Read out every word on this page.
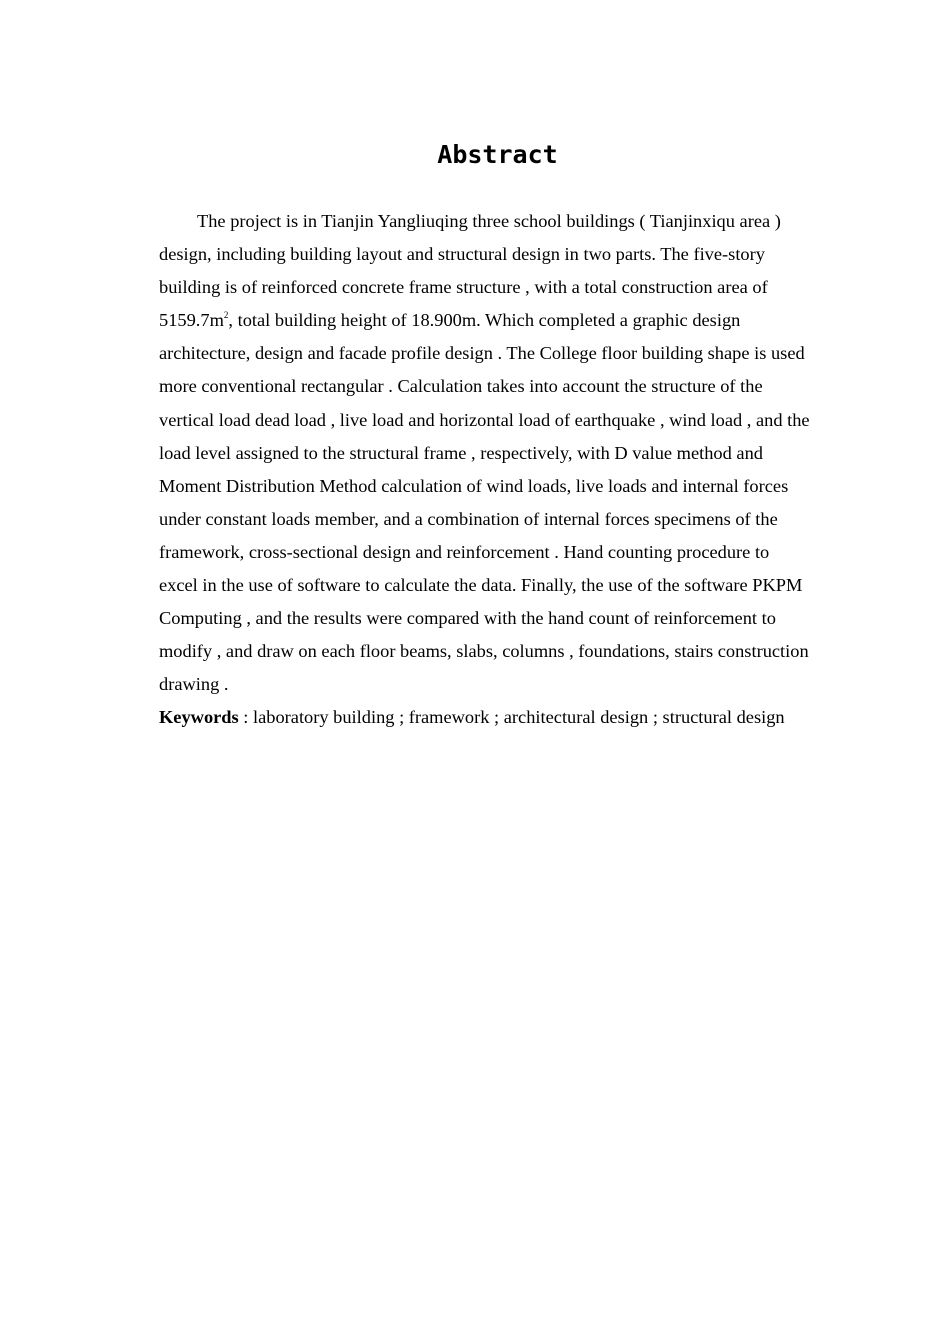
Abstract
The project is in Tianjin Yangliuqing three school buildings ( Tianjinxiqu area )
design, including building layout and structural design in two parts. The five-story
building is of reinforced concrete frame structure , with a total construction area of
$5159.7m^2$, total building height of 18.900m. Which completed a graphic design
architecture, design and facade profile design . The College floor building shape is used
more conventional rectangular . Calculation takes into account the structure of the
vertical load dead load , live load and horizontal load of earthquake , wind load , and the
load level assigned to the structural frame , respectively, with D value method and
Moment Distribution Method calculation of wind loads, live loads and internal forces
under constant loads member, and a combination of internal forces specimens of the
framework, cross-sectional design and reinforcement . Hand counting procedure to
excel in the use of software to calculate the data. Finally, the use of the software PKPM
Computing , and the results were compared with the hand count of reinforcement to
modify , and draw on each floor beams, slabs, columns , foundations, stairs construction
drawing .
Keywords : laboratory building ; framework ; architectural design ; structural design
